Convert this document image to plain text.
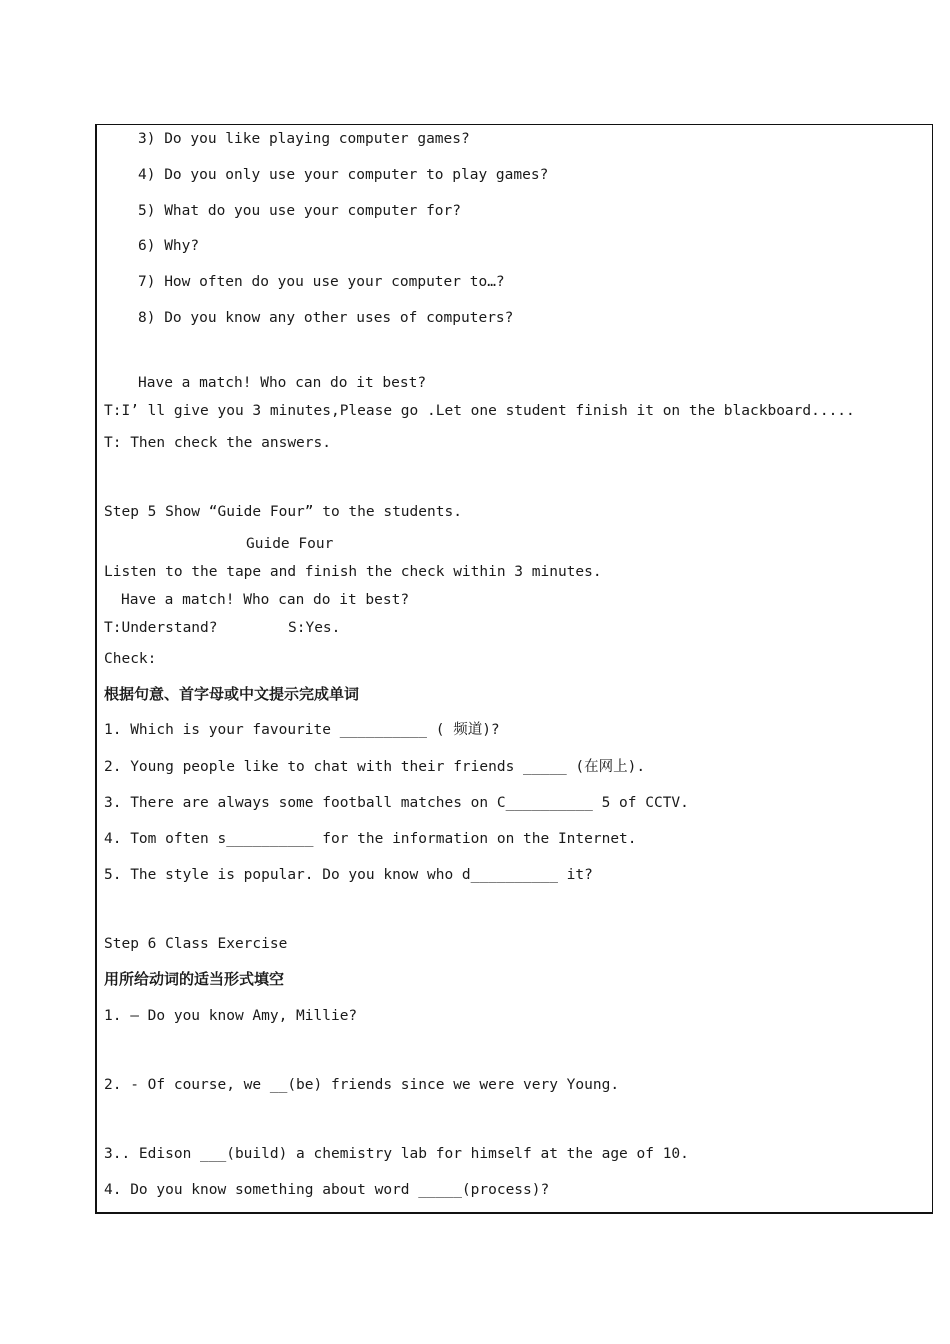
3) Do you like playing computer games?
4) Do you only use your computer to play games?
5) What do you use your computer for?
6) Why?
7) How often do you use your computer to…?
8) Do you know any other uses of computers?
Have a match! Who can do it best?
T:I’ ll give you 3 minutes,Please go .Let one student finish it on the blackboard.....
T: Then check the answers.
Step 5 Show “Guide Four” to the students.
Guide Four
Listen to the tape and finish the check within 3 minutes.
Have a match! Who can do it best?
T:Understand?	S:Yes.
Check:
根据句意、首字母或中文提示完成单词
1. Which is your favourite __________ ( 频道)?
2. Young people like to chat with their friends _____ (在网上).
3. There are always some football matches on C__________ 5 of CCTV.
4. Tom often s__________ for the information on the Internet.
5. The style is popular. Do you know who d__________ it?
Step 6 Class Exercise
用所给动词的适当形式填空
1. — Do you know Amy, Millie?
2. - Of course, we __(be) friends since we were very Young.
3.. Edison ___(build) a chemistry lab for himself at the age of 10.
4. Do you know something about word _____(process)?
